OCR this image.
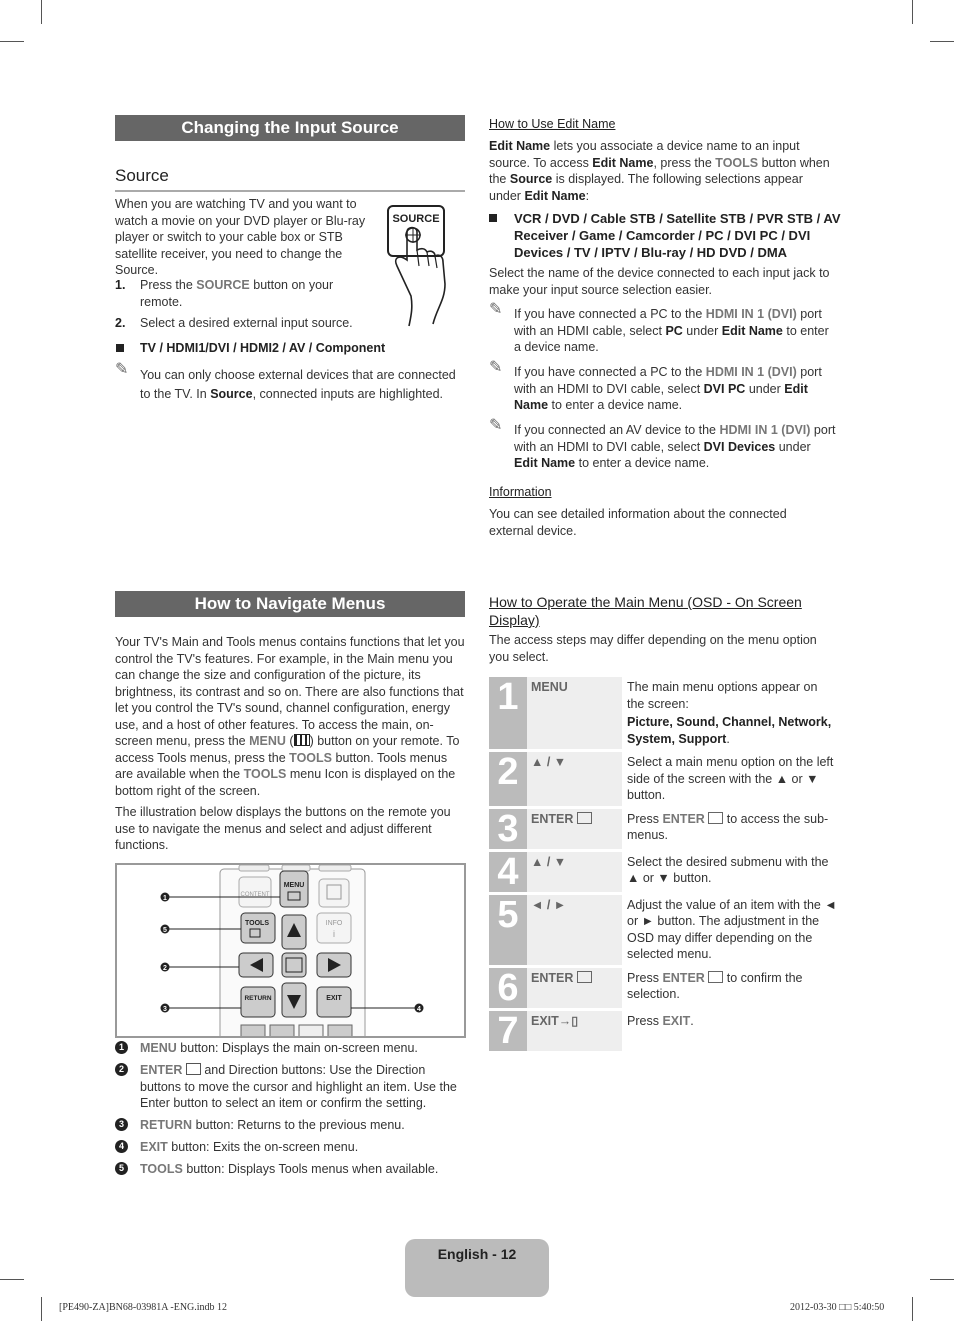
Changing the Input Source
Source
When you are watching TV and you want to watch a movie on your DVD player or Blu-ray player or switch to your cable box or STB satellite receiver, you need to change the Source.
SOURCE
1. Press the SOURCE button on your remote.
2. Select a desired external input source.
TV / HDMI1/DVI / HDMI2 / AV / Component
✎ You can only choose external devices that are connected to the TV. In Source, connected inputs are highlighted.
How to Use Edit Name
Edit Name lets you associate a device name to an input source. To access Edit Name, press the TOOLS button when the Source is displayed. The following selections appear under Edit Name:
VCR / DVD / Cable STB / Satellite STB / PVR STB / AV Receiver / Game / Camcorder / PC / DVI PC / DVI Devices / TV / IPTV / Blu-ray / HD DVD / DMA
Select the name of the device connected to each input jack to make your input source selection easier.
✎ If you have connected a PC to the HDMI IN 1 (DVI) port with an HDMI cable, select PC under Edit Name to enter a device name.
✎ If you have connected a PC to the HDMI IN 1 (DVI) port with an HDMI to DVI cable, select DVI PC under Edit Name to enter a device name.
✎ If you connected an AV device to the HDMI IN 1 (DVI) port with an HDMI to DVI cable, select DVI Devices under Edit Name to enter a device name.
Information
You can see detailed information about the connected external device.
How to Navigate Menus
Your TV's Main and Tools menus contains functions that let you control the TV's features. For example, in the Main menu you can change the size and configuration of the picture, its brightness, its contrast and so on. There are also functions that let you control the TV's sound, channel configuration, energy use, and a host of other features. To access the main, on-screen menu, press the MENU ( ) button on your remote. To access Tools menus, press the TOOLS button. Tools menus are available when the TOOLS menu Icon is displayed on the bottom right of the screen.
The illustration below displays the buttons on the remote you use to navigate the menus and select and adjust different functions.
CONTENT
MENU
TOOLS	INFO
i
RETURN	EXIT
1
5
2
3	4
1	MENU button: Displays the main on-screen menu.
2	ENTER  and Direction buttons: Use the Direction buttons to move the cursor and highlight an item. Use the Enter button to select an item or confirm the setting.
3	RETURN button: Returns to the previous menu.
4	EXIT button: Exits the on-screen menu.
5	TOOLS button: Displays Tools menus when available.
How to Operate the Main Menu (OSD - On Screen Display)
The access steps may differ depending on the menu option you select.
1	MENU	The main menu options appear on the screen:
Picture, Sound, Channel, Network, System, Support.

2	▲ / ▼	Select a main menu option on the left side of the screen with the ▲ or ▼ button.
3	ENTER	Press ENTER  to access the sub-menus.
4	▲ / ▼	Select the desired submenu with the ▲ or ▼ button.
5	◄ / ►	Adjust the value of an item with the ◄ or ► button. The adjustment in the OSD may differ depending on the selected menu.
6	ENTER	Press ENTER  to confirm the selection.
7	EXIT→▯	Press EXIT.
English - 12
[PE490-ZA]BN68-03981A -ENG.indb 12	2012-03-30 □□ 5:40:50
